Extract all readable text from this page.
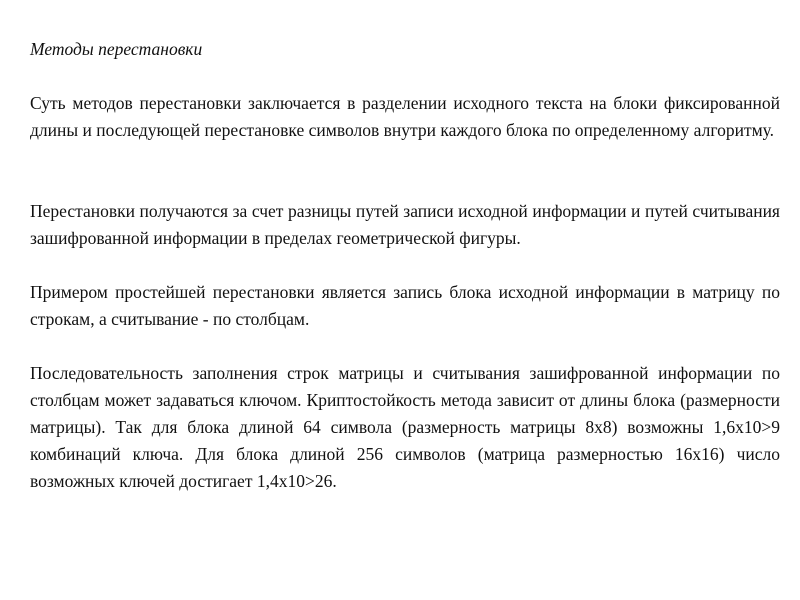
Методы перестановки

Суть методов перестановки заключается в разделении исходного текста на блоки фиксированной длины и последующей перестановке символов внутри каждого блока по определенному алгоритму.

Перестановки получаются за счет разницы путей записи исходной информации и путей считывания зашифрованной информации в пределах геометрической фигуры.

Примером простейшей перестановки является запись блока исходной информации в матрицу по строкам, а считывание - по столбцам.

Последовательность заполнения строк матрицы и считывания зашифрованной информации по столбцам может задаваться ключом. Криптостойкость метода зависит от длины блока (размерности матрицы). Так для блока длиной 64 символа (размерность матрицы 8х8) возможны 1,6х10>9 комбинаций ключа. Для блока длиной 256 символов (матрица размерностью 16х16) число возможных ключей достигает 1,4х10>26.
